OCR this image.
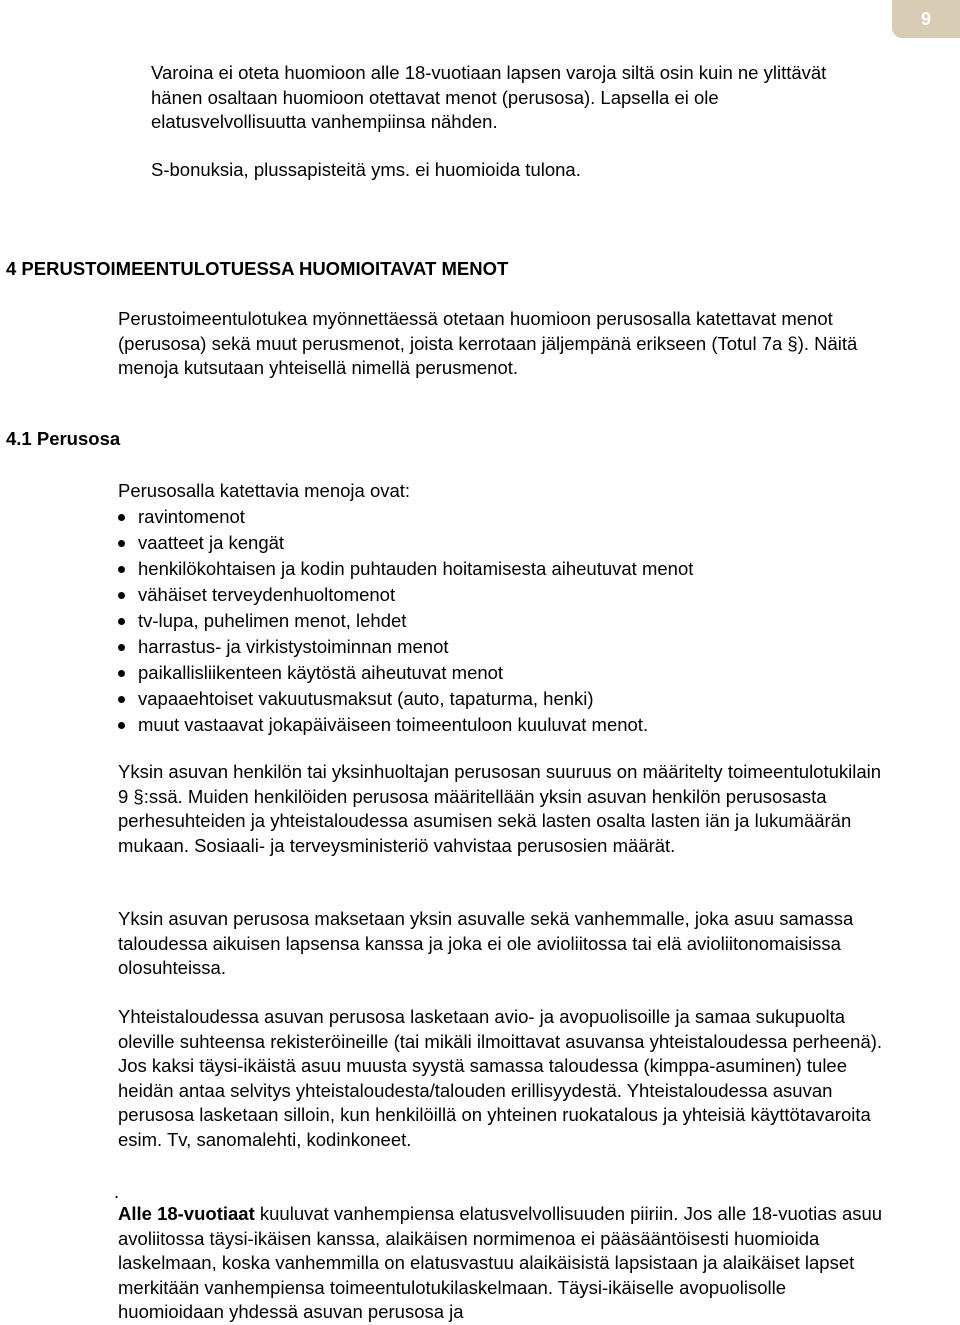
9

Varoina ei oteta huomioon alle 18-vuotiaan lapsen varoja siltä osin kuin ne ylittävät hänen osaltaan huomioon otettavat menot (perusosa). Lapsella ei ole elatusvelvollisuutta vanhempiinsa nähden.

S-bonuksia, plussapisteitä yms. ei huomioida tulona.

4 PERUSTOIMEENTULOTUESSA HUOMIOITAVAT MENOT

Perustoimeentulotukea myönnettäessä otetaan huomioon perusosalla katettavat menot (perusosa) sekä muut perusmenot, joista kerrotaan jäljempänä erikseen (Totul 7a §). Näitä menoja kutsutaan yhteisellä nimellä perusmenot.

4.1 Perusosa

Perusosalla katettavia menoja ovat:

ravintomenot
vaatteet ja kengät
henkilökohtaisen ja kodin puhtauden hoitamisesta aiheutuvat menot
vähäiset terveydenhuoltomenot
tv-lupa, puhelimen menot, lehdet
harrastus- ja virkistystoiminnan menot
paikallisliikenteen käytöstä aiheutuvat menot
vapaaehtoiset vakuutusmaksut (auto, tapaturma, henki)
muut vastaavat jokapäiväiseen toimeentuloon kuuluvat menot.

Yksin asuvan henkilön tai yksinhuoltajan perusosan suuruus on määritelty toimeentulotukilain 9 §:ssä. Muiden henkilöiden perusosa määritellään yksin asuvan henkilön perusosasta perhesuhteiden ja yhteistaloudessa asumisen sekä lasten osalta lasten iän ja lukumäärän mukaan. Sosiaali- ja terveysministeriö vahvistaa perusosien määrät.

Yksin asuvan perusosa maksetaan yksin asuvalle sekä vanhemmalle, joka asuu samassa taloudessa aikuisen lapsensa kanssa ja joka ei ole avioliitossa tai elä avioliitonomaisissa olosuhteissa.

Yhteistaloudessa asuvan perusosa lasketaan avio- ja avopuolisoille ja samaa sukupuolta oleville suhteensa rekisteröineille (tai mikäli ilmoittavat asuvansa yhteistaloudessa perheenä). Jos kaksi täysi-ikäistä asuu muusta syystä samassa taloudessa (kimppa-asuminen) tulee heidän antaa selvitys yhteistaloudesta/talouden erillisyydestä. Yhteistaloudessa asuvan perusosa lasketaan silloin, kun henkilöillä on yhteinen ruokatalous ja yhteisiä käyttötavaroita esim. Tv, sanomalehti, kodinkoneet.

.

Alle 18-vuotiaat kuuluvat vanhempiensa elatusvelvollisuuden piiriin. Jos alle 18-vuotias asuu avoliitossa täysi-ikäisen kanssa, alaikäisen normimenoa ei pääsääntöisesti huomioida laskelmaan, koska vanhemmilla on elatusvastuu alaikäisistä lapsistaan ja alaikäiset lapset merkitään vanhempiensa toimeentulotukilaskelmaan. Täysi-ikäiselle avopuolisolle huomioidaan yhdessä asuvan perusosa ja
